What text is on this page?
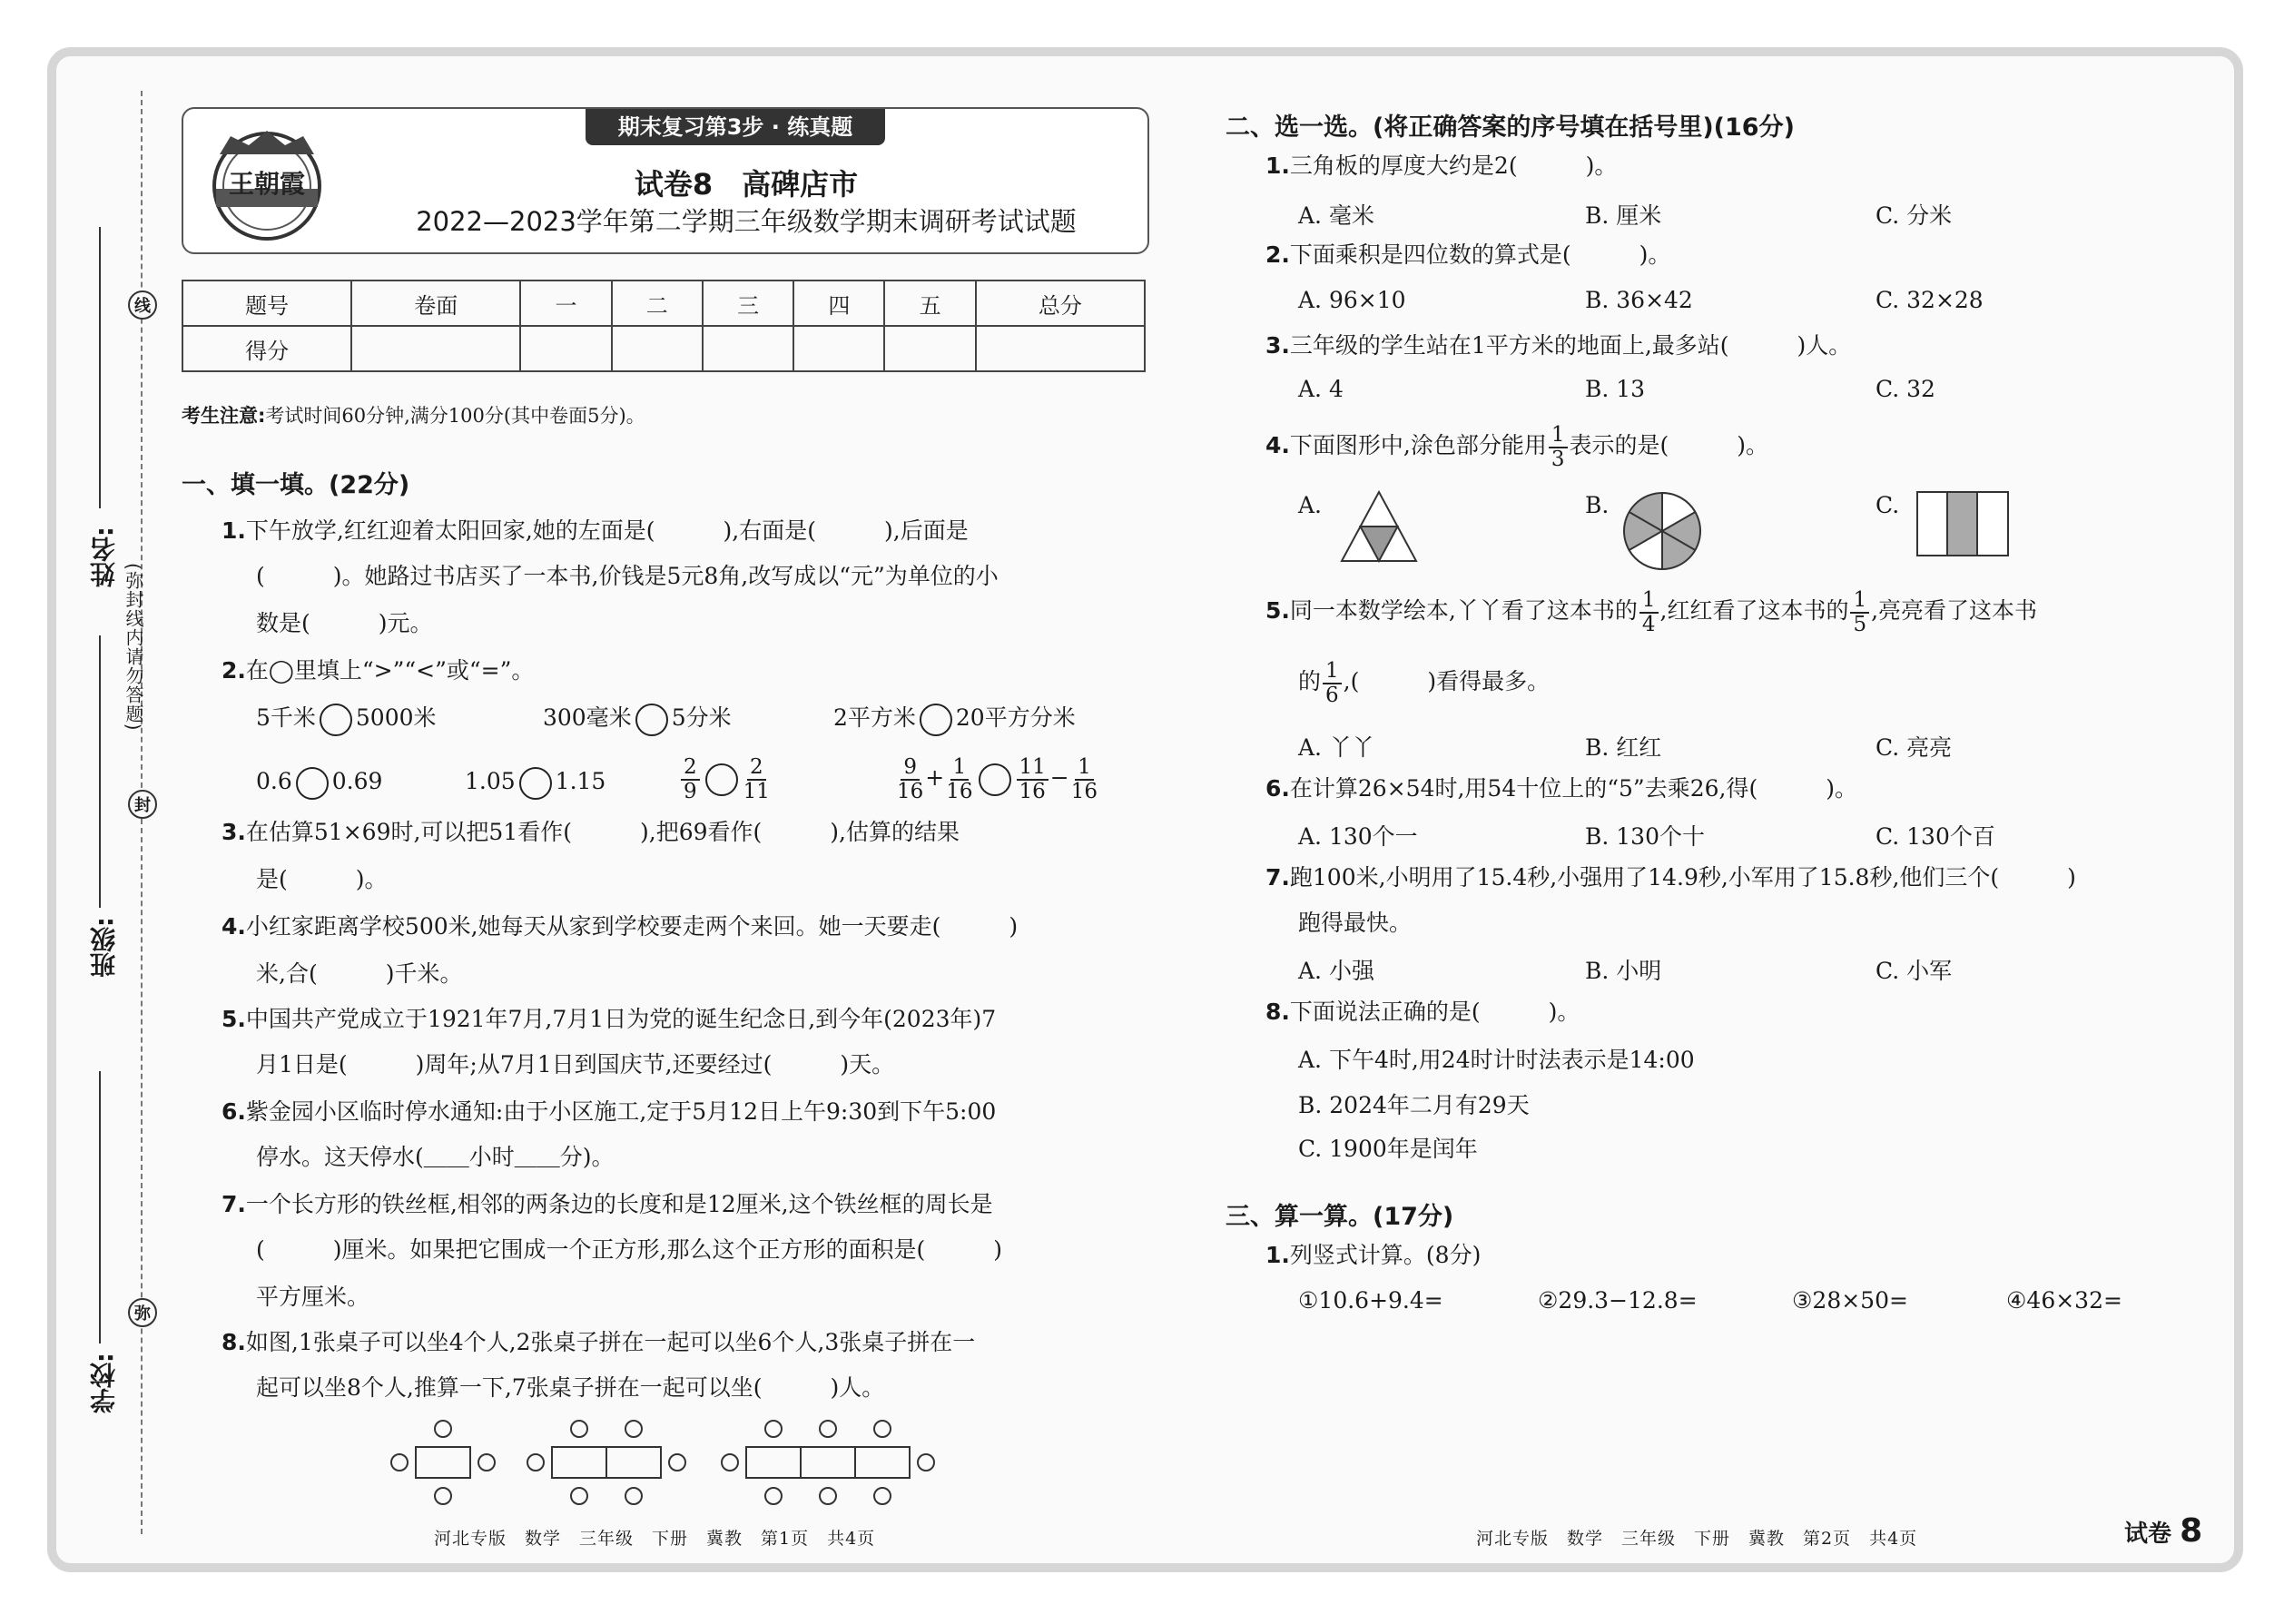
姓名:
班级:
学校:
线
封
弥
(弥封线内请勿答题)
王朝霞
期末复习第3步 · 练真题
试卷8　高碑店市
2022—2023学年第二学期三年级数学期末调研考试试题
题号	卷面	一	二	三	四	五	总分
得分							
考生注意:考试时间60分钟,满分100分(其中卷面5分)。
一、填一填。(22分)
1.下午放学,红红迎着太阳回家,她的左面是(　　　),右面是(　　　),后面是
(　　　)。她路过书店买了一本书,价钱是5元8角,改写成以“元”为单位的小
数是(　　　)元。
2.在◯里填上“>”“<”或“=”。
5千米 5000米	300毫米 5分米	2平方米 20平方分米
0.6 0.69	1.05 1.15	$\frac{2}{9} \frac{2}{11}$	$\frac{9}{16} + \frac{1}{16} \frac{11}{16} - \frac{1}{16}$
3.在估算51×69时,可以把51看作(　　　),把69看作(　　　),估算的结果
是(　　　)。
4.小红家距离学校500米,她每天从家到学校要走两个来回。她一天要走(　　　)
米,合(　　　)千米。
5.中国共产党成立于1921年7月,7月1日为党的诞生纪念日,到今年(2023年)7
月1日是(　　　)周年;从7月1日到国庆节,还要经过(　　　)天。
6.紫金园小区临时停水通知:由于小区施工,定于5月12日上午9:30到下午5:00
停水。这天停水(＿＿小时＿＿分)。
7.一个长方形的铁丝框,相邻的两条边的长度和是12厘米,这个铁丝框的周长是
(　　　)厘米。如果把它围成一个正方形,那么这个正方形的面积是(　　　)
平方厘米。
8.如图,1张桌子可以坐4个人,2张桌子拼在一起可以坐6个人,3张桌子拼在一
起可以坐8个人,推算一下,7张桌子拼在一起可以坐(　　　)人。
二、选一选。(将正确答案的序号填在括号里)(16分)
1.三角板的厚度大约是2(　　　)。
A. 毫米	B. 厘米	C. 分米
2.下面乘积是四位数的算式是(　　　)。
A. 96×10	B. 36×42	C. 32×28
3.三年级的学生站在1平方米的地面上,最多站(　　　)人。
A. 4	B. 13	C. 32
4.下面图形中,涂色部分能用 $\frac{1}{3}$ 表示的是(　　　)。
A.	B.	C.
5.同一本数学绘本,丫丫看了这本书的 $\frac{1}{4}$ ,红红看了这本书的 $\frac{1}{5}$ ,亮亮看了这本书
的 $\frac{1}{6}$ ,(　　　)看得最多。
A. 丫丫	B. 红红	C. 亮亮
6.在计算26×54时,用54十位上的“5”去乘26,得(　　　)。
A. 130个一	B. 130个十	C. 130个百
7.跑100米,小明用了15.4秒,小强用了14.9秒,小军用了15.8秒,他们三个(　　　)
跑得最快。
A. 小强	B. 小明	C. 小军
8.下面说法正确的是(　　　)。
A. 下午4时,用24时计时法表示是14:00
B. 2024年二月有29天
C. 1900年是闰年
三、算一算。(17分)
1.列竖式计算。(8分)
①10.6+9.4=	②29.3−12.8=	③28×50=	④46×32=
河北专版　数学　三年级　下册　冀教　第1页　共4页	河北专版　数学　三年级　下册　冀教　第2页　共4页	试卷 8
